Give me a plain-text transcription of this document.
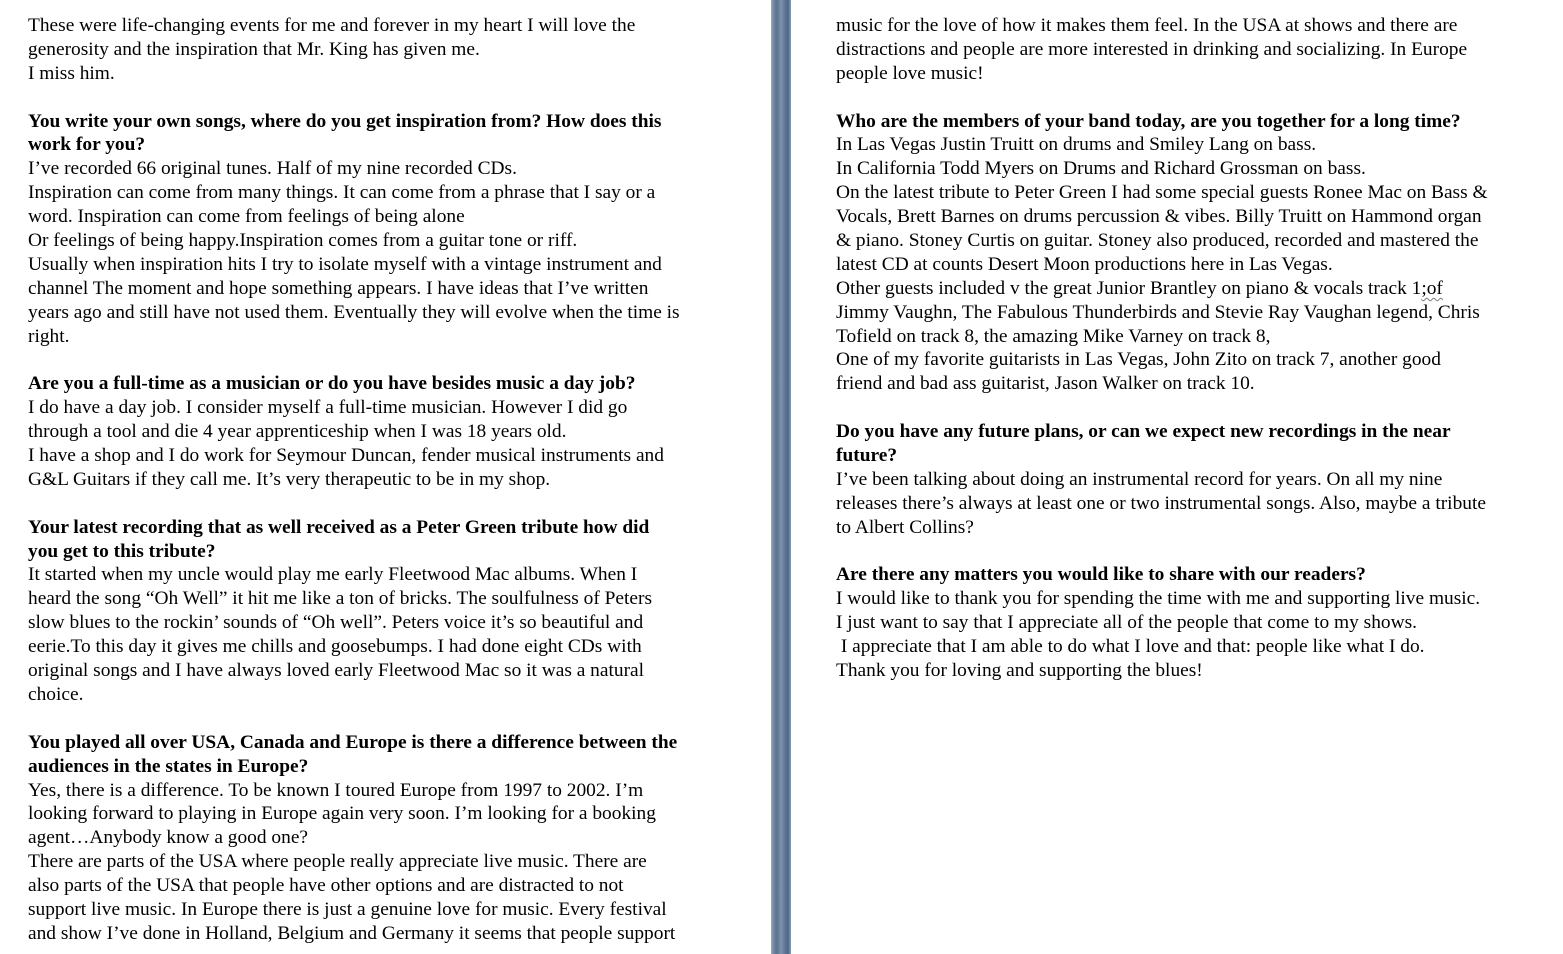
These were life-changing events for me and forever in my heart I will love the
generosity and the inspiration that Mr. King has given me.
I miss him.
You write your own songs, where do you get inspiration from? How does this
work for you?
I’ve recorded 66 original tunes. Half of my nine recorded CDs.
Inspiration can come from many things. It can come from a phrase that I say or a
word. Inspiration can come from feelings of being alone
Or feelings of being happy.Inspiration comes from a guitar tone or riff.
Usually when inspiration hits I try to isolate myself with a vintage instrument and
channel The moment and hope something appears. I have ideas that I’ve written
years ago and still have not used them. Eventually they will evolve when the time is
right.
Are you a full-time as a musician or do you have besides music a day job?
I do have a day job. I consider myself a full-time musician. However I did go
through a tool and die 4 year apprenticeship when I was 18 years old.
I have a shop and I do work for Seymour Duncan, fender musical instruments and
G&L Guitars if they call me. It’s very therapeutic to be in my shop.
Your latest recording that as well received as a Peter Green tribute how did
you get to this tribute?
It started when my uncle would play me early Fleetwood Mac albums. When I
heard the song “Oh Well” it hit me like a ton of bricks. The soulfulness of Peters
slow blues to the rockin’ sounds of “Oh well”. Peters voice it’s so beautiful and
eerie.To this day it gives me chills and goosebumps. I had done eight CDs with
original songs and I have always loved early Fleetwood Mac so it was a natural
choice.
You played all over USA, Canada and Europe is there a difference between the
audiences in the states in Europe?
Yes, there is a difference. To be known I toured Europe from 1997 to 2002. I’m
looking forward to playing in Europe again very soon. I’m looking for a booking
agent…Anybody know a good one?
There are parts of the USA where people really appreciate live music. There are
also parts of the USA that people have other options and are distracted to not
support live music. In Europe there is just a genuine love for music. Every festival
and show I’ve done in Holland, Belgium and Germany it seems that people support
music for the love of how it makes them feel. In the USA at shows and there are
distractions and people are more interested in drinking and socializing. In Europe
people love music!
Who are the members of your band today, are you together for a long time?
In Las Vegas Justin Truitt on drums and Smiley Lang on bass.
In California Todd Myers on Drums and Richard Grossman on bass.
On the latest tribute to Peter Green I had some special guests Ronee Mac on Bass &
Vocals, Brett Barnes on drums percussion & vibes. Billy Truitt on Hammond organ
& piano. Stoney Curtis on guitar. Stoney also produced, recorded and mastered the
latest CD at counts Desert Moon productions here in Las Vegas.
Other guests included v the great Junior Brantley on piano & vocals track 1;of
Jimmy Vaughn, The Fabulous Thunderbirds and Stevie Ray Vaughan legend, Chris
Tofield on track 8, the amazing Mike Varney on track 8,
One of my favorite guitarists in Las Vegas, John Zito on track 7, another good
friend and bad ass guitarist, Jason Walker on track 10.
Do you have any future plans, or can we expect new recordings in the near
future?
I’ve been talking about doing an instrumental record for years. On all my nine
releases there’s always at least one or two instrumental songs. Also, maybe a tribute
to Albert Collins?
Are there any matters you would like to share with our readers?
I would like to thank you for spending the time with me and supporting live music.
I just want to say that I appreciate all of the people that come to my shows.
I appreciate that I am able to do what I love and that: people like what I do.
Thank you for loving and supporting the blues!
